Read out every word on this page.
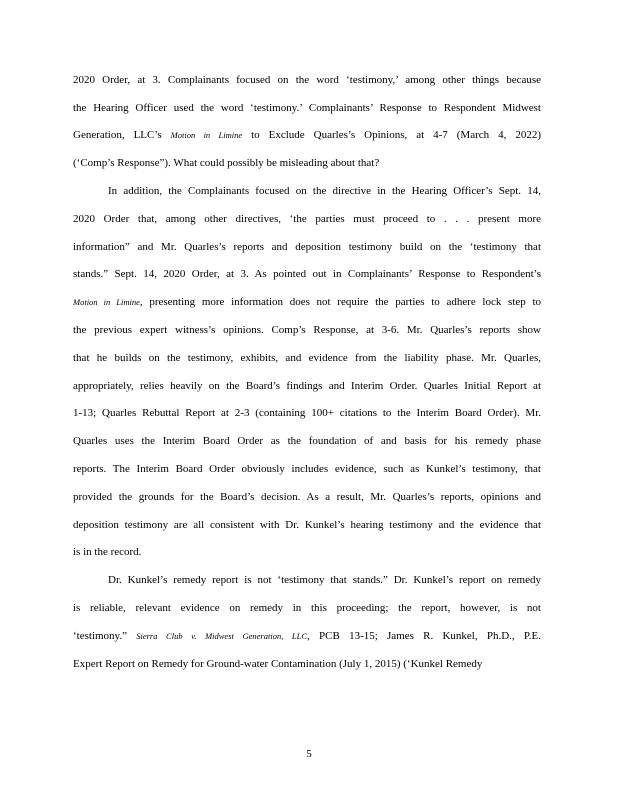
2020 Order, at 3. Complainants focused on the word ‘testimony,’ among other things because
the Hearing Officer used the word ‘testimony.’ Complainants’ Response to Respondent Midwest
Generation, LLC’s Motion in Limine to Exclude Quarles’s Opinions, at 4-7 (March 4, 2022)
(‘Comp’s Response”). What could possibly be misleading about that?
In addition, the Complainants focused on the directive in the Hearing Officer’s Sept. 14,
2020 Order that, among other directives, ‘the parties must proceed to . . . present more
information” and Mr. Quarles’s reports and deposition testimony build on the ‘testimony that
stands.” Sept. 14, 2020 Order, at 3. As pointed out in Complainants’ Response to Respondent’s
Motion in Limine, presenting more information does not require the parties to adhere lock step to
the previous expert witness’s opinions. Comp’s Response, at 3-6. Mr. Quarles’s reports show
that he builds on the testimony, exhibits, and evidence from the liability phase. Mr. Quarles,
appropriately, relies heavily on the Board’s findings and Interim Order. Quarles Initial Report at
1-13; Quarles Rebuttal Report at 2-3 (containing 100+ citations to the Interim Board Order). Mr.
Quarles uses the Interim Board Order as the foundation of and basis for his remedy phase
reports. The Interim Board Order obviously includes evidence, such as Kunkel’s testimony, that
provided the grounds for the Board’s decision. As a result, Mr. Quarles’s reports, opinions and
deposition testimony are all consistent with Dr. Kunkel’s hearing testimony and the evidence that
is in the record.
Dr. Kunkel’s remedy report is not ‘testimony that stands.” Dr. Kunkel’s report on remedy
is reliable, relevant evidence on remedy in this proceeding; the report, however, is not
‘testimony.” Sierra Club v. Midwest Generation, LLC, PCB 13-15; James R. Kunkel, Ph.D., P.E.
Expert Report on Remedy for Ground-water Contamination (July 1, 2015) (‘Kunkel Remedy
5
